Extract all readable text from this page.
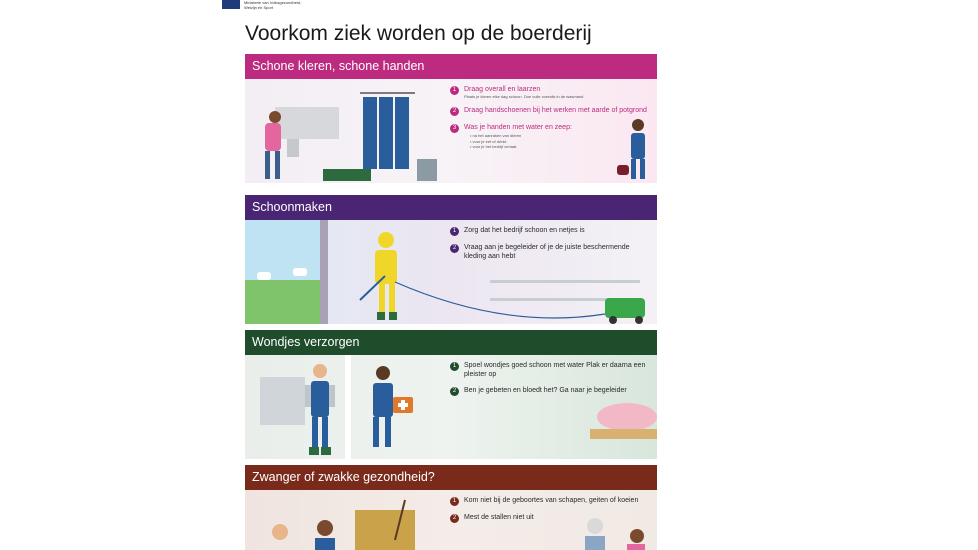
Ministerie van Volksgezondheid,
Welzijn en Sport
Voorkom ziek worden op de boerderij
Schone kleren, schone handen
1	Draag overall en laarzen
Plaats je kleren elke dag schoon. Doe vuile overalls in de wasmand
2	Draag handschoenen bij het werken met aarde of potgrond
3	Was je handen met water en zeep:
• na het aanraken van dieren
• voor je eet of drinkt
• voor je het bedrijf verlaat
Schoonmaken
1	Zorg dat het bedrijf schoon en netjes is
2	Vraag aan je begeleider of je de juiste beschermende kleding aan hebt
Wondjes verzorgen
1	Spoel wondjes goed schoon met water Plak er daarna een pleister op
2	Ben je gebeten en bloedt het? Ga naar je begeleider
Zwanger of zwakke gezondheid?
1	Kom niet bij de geboortes van schapen, geiten of koeien
2	Mest de stallen niet uit
